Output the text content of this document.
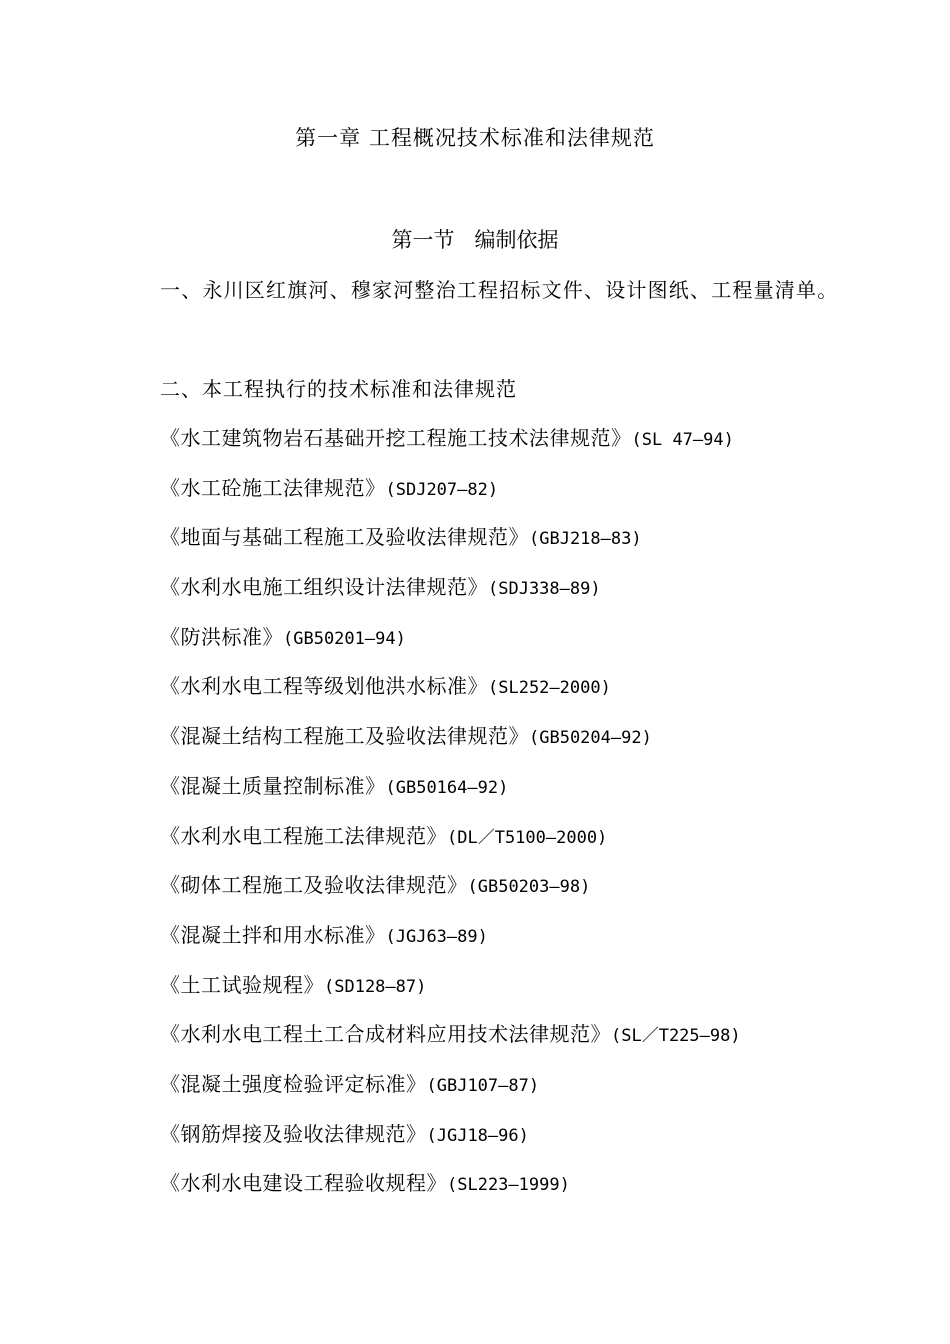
第一章 工程概况技术标准和法律规范
第一节   编制依据
一、永川区红旗河、穆家河整治工程招标文件、设计图纸、工程量清单。
二、本工程执行的技术标准和法律规范
《水工建筑物岩石基础开挖工程施工技术法律规范》(SL 47—94)
《水工砼施工法律规范》(SDJ207—82)
《地面与基础工程施工及验收法律规范》(GBJ218—83)
《水利水电施工组织设计法律规范》(SDJ338—89)
《防洪标准》(GB50201—94)
《水利水电工程等级划他洪水标准》(SL252—2000)
《混凝土结构工程施工及验收法律规范》(GB50204—92)
《混凝土质量控制标准》(GB50164—92)
《水利水电工程施工法律规范》(DL／T5100—2000)
《砌体工程施工及验收法律规范》(GB50203—98)
《混凝土拌和用水标准》(JGJ63—89)
《土工试验规程》(SD128—87)
《水利水电工程土工合成材料应用技术法律规范》(SL／T225—98)
《混凝土强度检验评定标准》(GBJ107—87)
《钢筋焊接及验收法律规范》(JGJ18—96)
《水利水电建设工程验收规程》(SL223—1999)
